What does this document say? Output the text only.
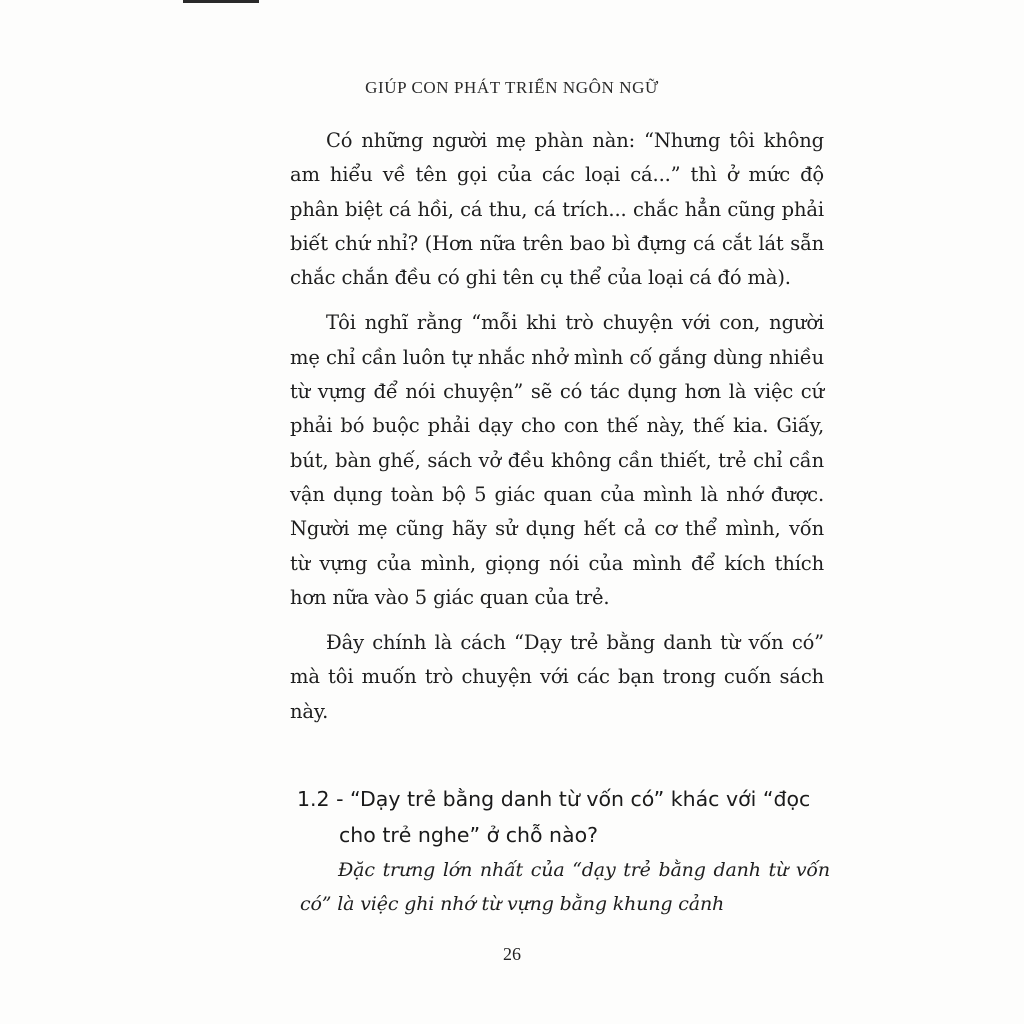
GIÚP CON PHÁT TRIỂN NGÔN NGỮ

Có những người mẹ phàn nàn: “Nhưng tôi không am hiểu về tên gọi của các loại cá...” thì ở mức độ phân biệt cá hồi, cá thu, cá trích... chắc hẳn cũng phải biết chứ nhỉ? (Hơn nữa trên bao bì đựng cá cắt lát sẵn chắc chắn đều có ghi tên cụ thể của loại cá đó mà).

Tôi nghĩ rằng “mỗi khi trò chuyện với con, người mẹ chỉ cần luôn tự nhắc nhở mình cố gắng dùng nhiều từ vựng để nói chuyện” sẽ có tác dụng hơn là việc cứ phải bó buộc phải dạy cho con thế này, thế kia. Giấy, bút, bàn ghế, sách vở đều không cần thiết, trẻ chỉ cần vận dụng toàn bộ 5 giác quan của mình là nhớ được. Người mẹ cũng hãy sử dụng hết cả cơ thể mình, vốn từ vựng của mình, giọng nói của mình để kích thích hơn nữa vào 5 giác quan của trẻ.

Đây chính là cách “Dạy trẻ bằng danh từ vốn có” mà tôi muốn trò chuyện với các bạn trong cuốn sách này.

1.2 - “Dạy trẻ bằng danh từ vốn có” khác với “đọc cho trẻ nghe” ở chỗ nào?

Đặc trưng lớn nhất của “dạy trẻ bằng danh từ vốn có” là việc ghi nhớ từ vựng bằng khung cảnh

26
